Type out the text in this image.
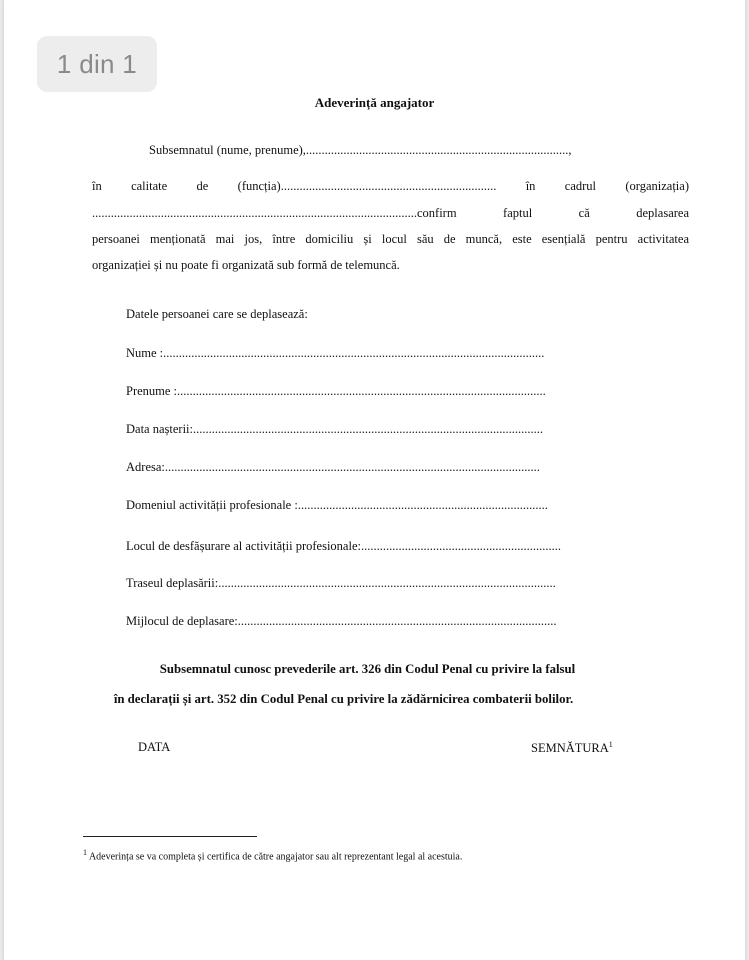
1 din 1
Adeverință angajator
Subsemnatul (nume, prenume),....................................................................................,
în calitate de (funcția)..................................................................... în cadrul (organizația)
........................................................................................................confirm faptul că deplasarea
persoanei menționată mai jos, între domiciliu și locul său de muncă, este esențială pentru activitatea
organizației și nu poate fi organizată sub formă de telemuncă.
Datele persoanei care se deplasează:
Nume : ..........................................................................................................................
Prenume : ......................................................................................................................
Data nașterii: ................................................................................................................
Adresa: ........................................................................................................................
Domeniul activității profesionale : ................................................................................
Locul de desfășurare al activității profesionale: ................................................................
Traseul deplasării: ............................................................................................................
Mijlocul de deplasare: ......................................................................................................
Subsemnatul cunosc prevederile art. 326 din Codul Penal cu privire la falsul
în declarații și art. 352 din Codul Penal cu privire la zădărnicirea combaterii bolilor.
DATA	SEMNĂTURA$^1$
$^1$ Adeverința se va completa și certifica de către angajator sau alt reprezentant legal al acestuia.
